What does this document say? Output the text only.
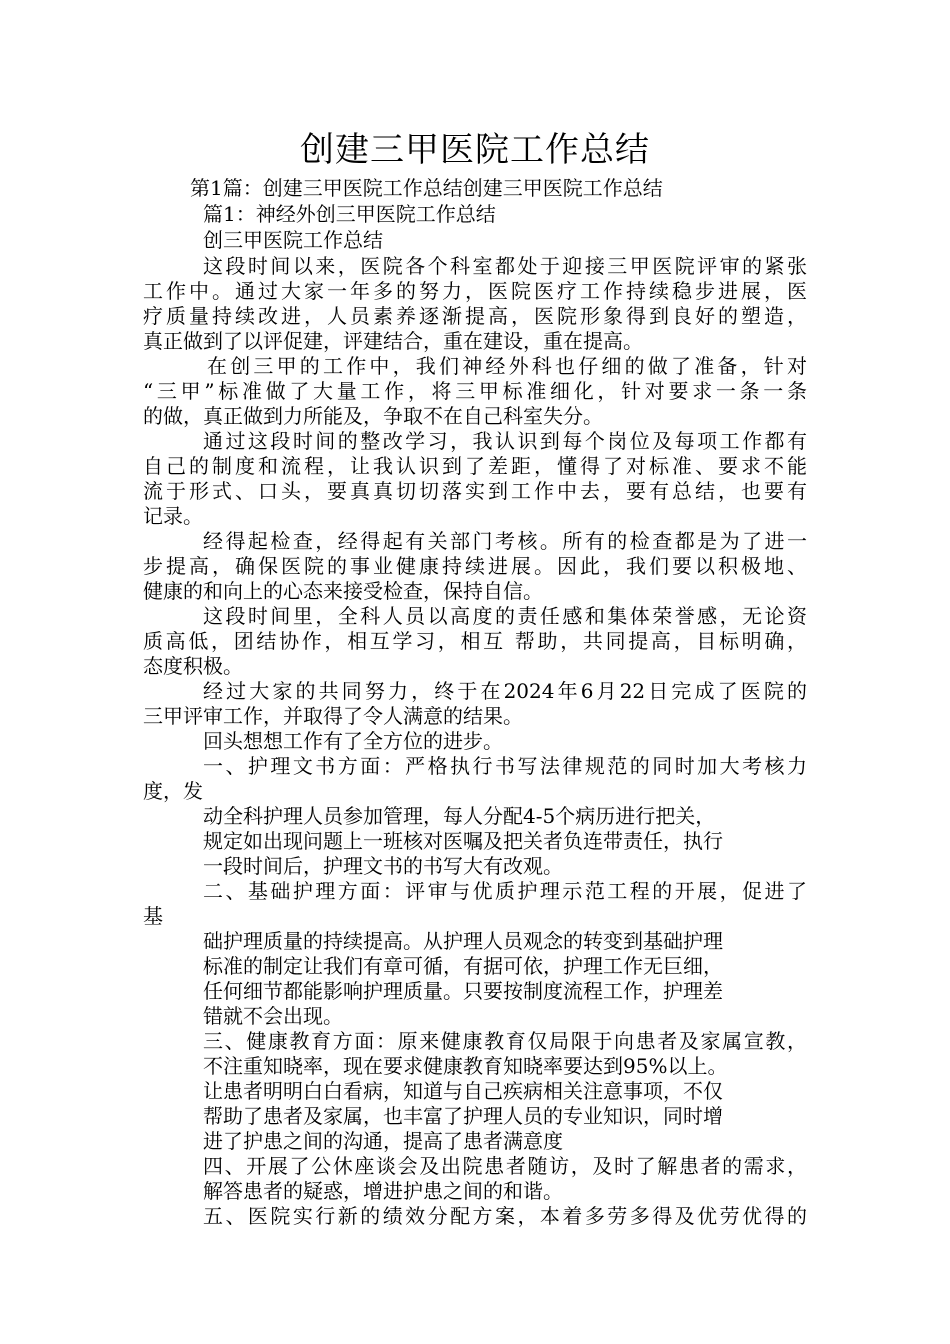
创建三甲医院工作总结
第1篇：创建三甲医院工作总结创建三甲医院工作总结
篇1：神经外创三甲医院工作总结
创三甲医院工作总结
这段时间以来，医院各个科室都处于迎接三甲医院评审的紧张
工作中。通过大家一年多的努力，医院医疗工作持续稳步进展，医
疗质量持续改进，人员素养逐渐提高，医院形象得到良好的塑造，
真正做到了以评促建，评建结合，重在建设，重在提高。
在创三甲的工作中，我们神经外科也仔细的做了准备，针对
“三甲”标准做了大量工作，将三甲标准细化，针对要求一条一条
的做，真正做到力所能及，争取不在自己科室失分。
通过这段时间的整改学习，我认识到每个岗位及每项工作都有
自己的制度和流程，让我认识到了差距，懂得了对标准、要求不能
流于形式、口头，要真真切切落实到工作中去，要有总结，也要有
记录。
经得起检查，经得起有关部门考核。所有的检查都是为了进一
步提高，确保医院的事业健康持续进展。因此，我们要以积极地、
健康的和向上的心态来接受检查，保持自信。
这段时间里，全科人员以高度的责任感和集体荣誉感，无论资
质高低，团结协作，相互学习，相互 帮助，共同提高，目标明确，
态度积极。
经过大家的共同努力，终于在2024年6月22日完成了医院的
三甲评审工作，并取得了令人满意的结果。
回头想想工作有了全方位的进步。
一、护理文书方面：严格执行书写法律规范的同时加大考核力
度，发
动全科护理人员参加管理，每人分配4-5个病历进行把关，
规定如出现问题上一班核对医嘱及把关者负连带责任，执行
一段时间后，护理文书的书写大有改观。
二、基础护理方面：评审与优质护理示范工程的开展，促进了
基
础护理质量的持续提高。从护理人员观念的转变到基础护理
标准的制定让我们有章可循，有据可依，护理工作无巨细，
任何细节都能影响护理质量。只要按制度流程工作，护理差
错就不会出现。
三、健康教育方面：原来健康教育仅局限于向患者及家属宣教，
不注重知晓率，现在要求健康教育知晓率要达到95%以上。
让患者明明白白看病，知道与自己疾病相关注意事项，不仅
帮助了患者及家属，也丰富了护理人员的专业知识，同时增
进了护患之间的沟通，提高了患者满意度
四、开展了公休座谈会及出院患者随访，及时了解患者的需求，
解答患者的疑惑，增进护患之间的和谐。
五、医院实行新的绩效分配方案，本着多劳多得及优劳优得的
